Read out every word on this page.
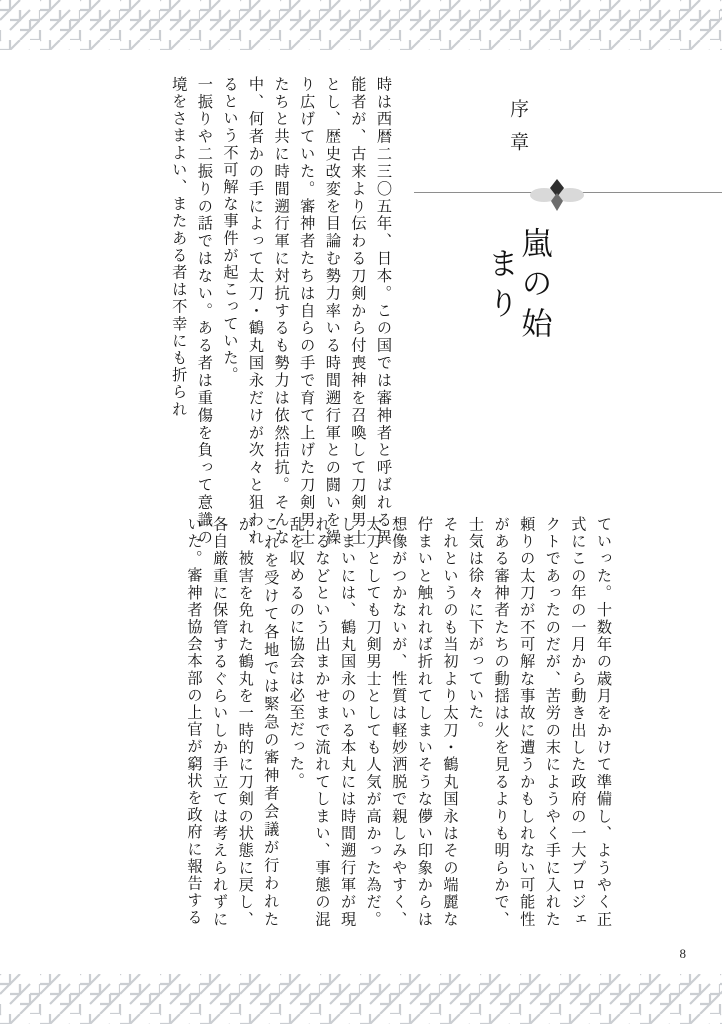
序章
嵐の始まり

時は西暦二三〇五年、日本。この国では審神者と呼ばれる異能者が、古来より伝わる刀剣から付喪神を召喚して刀剣男士とし、歴史改変を目論む勢力率いる時間遡行軍との闘いを繰り広げていた。審神者たちは自らの手で育て上げた刀剣男士たちと共に時間遡行軍に対抗するも勢力は依然拮抗。そんな中、何者かの手によって太刀・鶴丸国永だけが次々と狙われるという不可解な事件が起こっていた。

一振りや二振りの話ではない。ある者は重傷を負って意識の境をさまよい、またある者は不幸にも折られ

ていった。十数年の歳月をかけて準備し、ようやく正式にこの年の一月から動き出した政府の一大プロジェクトであったのだが、苦労の末にようやく手に入れた頼りの太刀が不可解な事故に遭うかもしれない可能性がある審神者たちの動揺は火を見るよりも明らかで、士気は徐々に下がっていた。

それというのも当初より太刀・鶴丸国永はその端麗な佇まいと触れれば折れてしまいそうな儚い印象からは想像がつかないが、性質は軽妙洒脱で親しみやすく、太刀としても刀剣男士としても人気が高かった為だ。しまいには、鶴丸国永のいる本丸には時間遡行軍が現れるなどという出まかせまで流れてしまい、事態の混乱を収めるのに協会は必至だった。

これを受けて各地では緊急の審神者会議が行われたが、被害を免れた鶴丸を一時的に刀剣の状態に戻し、各自厳重に保管するぐらいしか手立ては考えられずにいた。審神者協会本部の上官が窮状を政府に報告する

8
